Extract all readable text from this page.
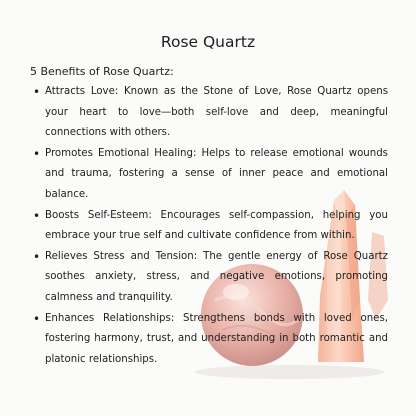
Rose Quartz
5 Benefits of Rose Quartz:
• Attracts Love: Known as the Stone of Love, Rose Quartz opens your heart to love—both self-love and deep, meaningful connections with others.
• Promotes Emotional Healing: Helps to release emotional wounds and trauma, fostering a sense of inner peace and emotional balance.
• Boosts Self-Esteem: Encourages self-compassion, helping you embrace your true self and cultivate confidence from within.
• Relieves Stress and Tension: The gentle energy of Rose Quartz soothes anxiety, stress, and negative emotions, promoting calmness and tranquility.
• Enhances Relationships: Strengthens bonds with loved ones, fostering harmony, trust, and understanding in both romantic and platonic relationships.
